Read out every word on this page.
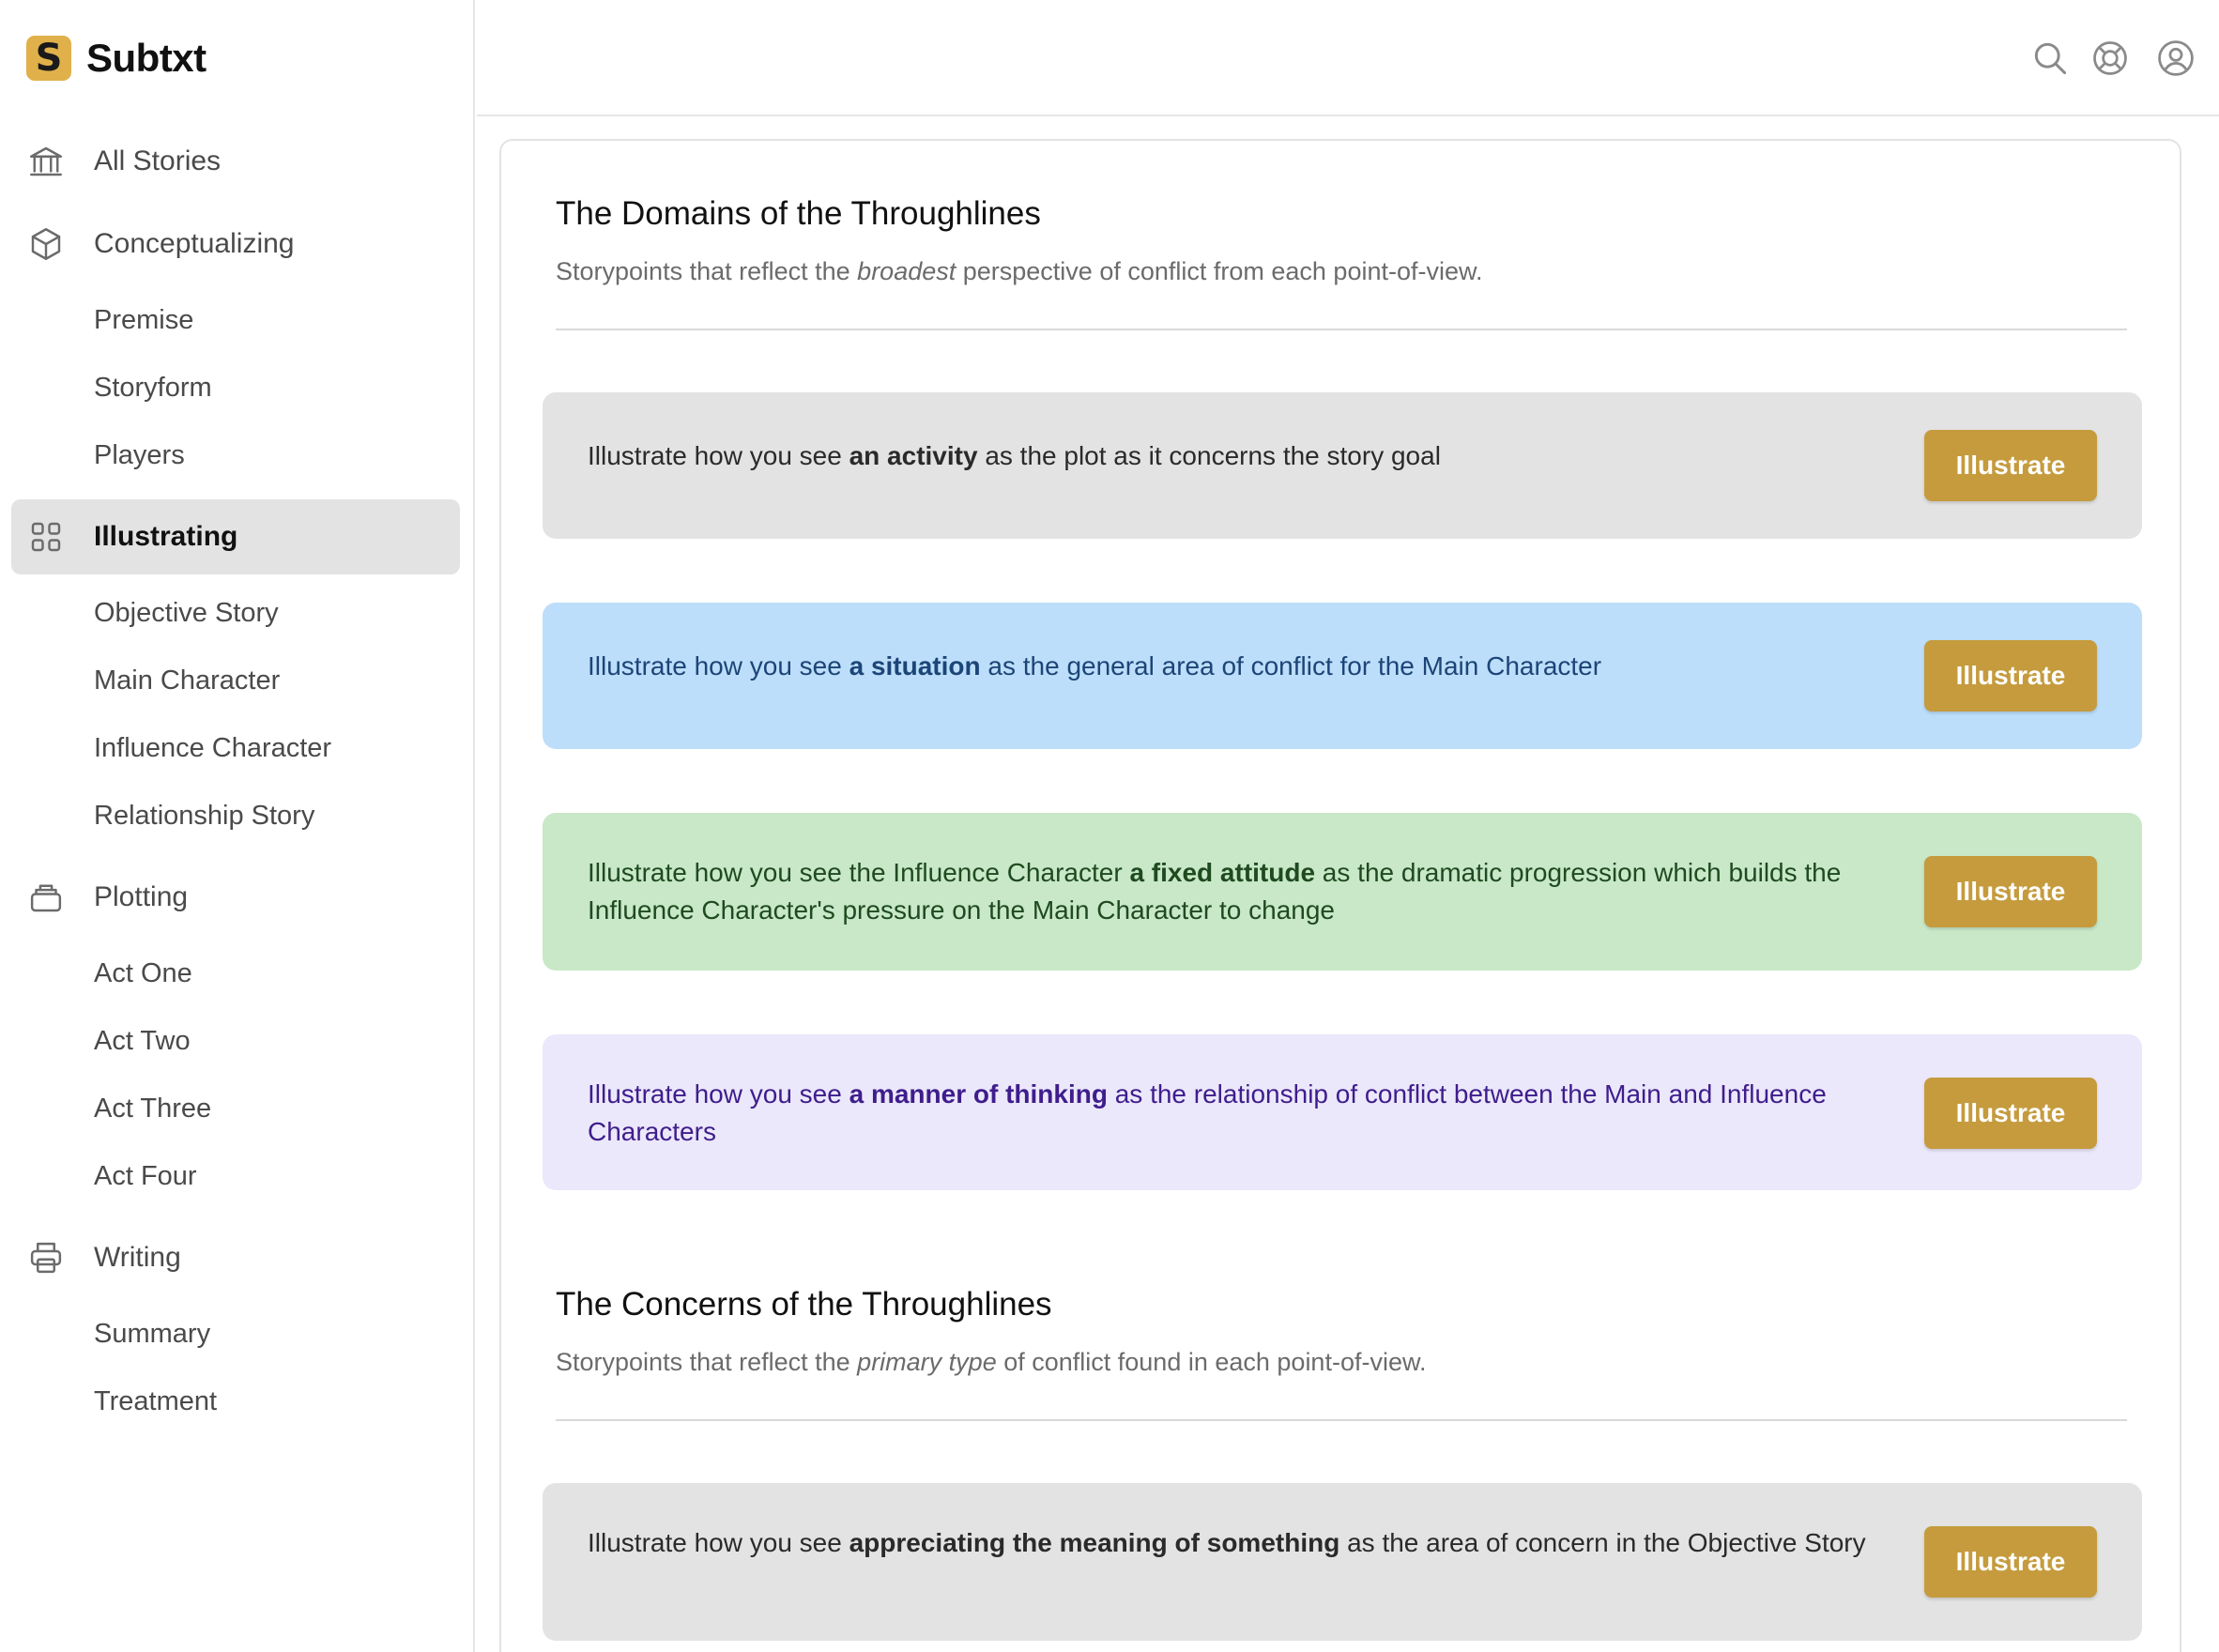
S Subtxt
All Stories
Conceptualizing
Premise
Storyform
Players
Illustrating
Objective Story
Main Character
Influence Character
Relationship Story
Plotting
Act One
Act Two
Act Three
Act Four
Writing
Summary
Treatment
The Domains of the Throughlines

Storypoints that reflect the broadest perspective of conflict from each point-of-view.

Illustrate how you see an activity as the plot as it concerns the story goal	Illustrate

Illustrate how you see a situation as the general area of conflict for the Main Character	Illustrate

Illustrate how you see the Influence Character a fixed attitude as the dramatic progression which builds the Influence Character's pressure on the Main Character to change

Illustrate

Illustrate how you see a manner of thinking as the relationship of conflict between the Main and Influence Characters

Illustrate
The Concerns of the Throughlines

Storypoints that reflect the primary type of conflict found in each point-of-view.

Illustrate how you see appreciating the meaning of something as the area of concern in the Objective Story

Illustrate
